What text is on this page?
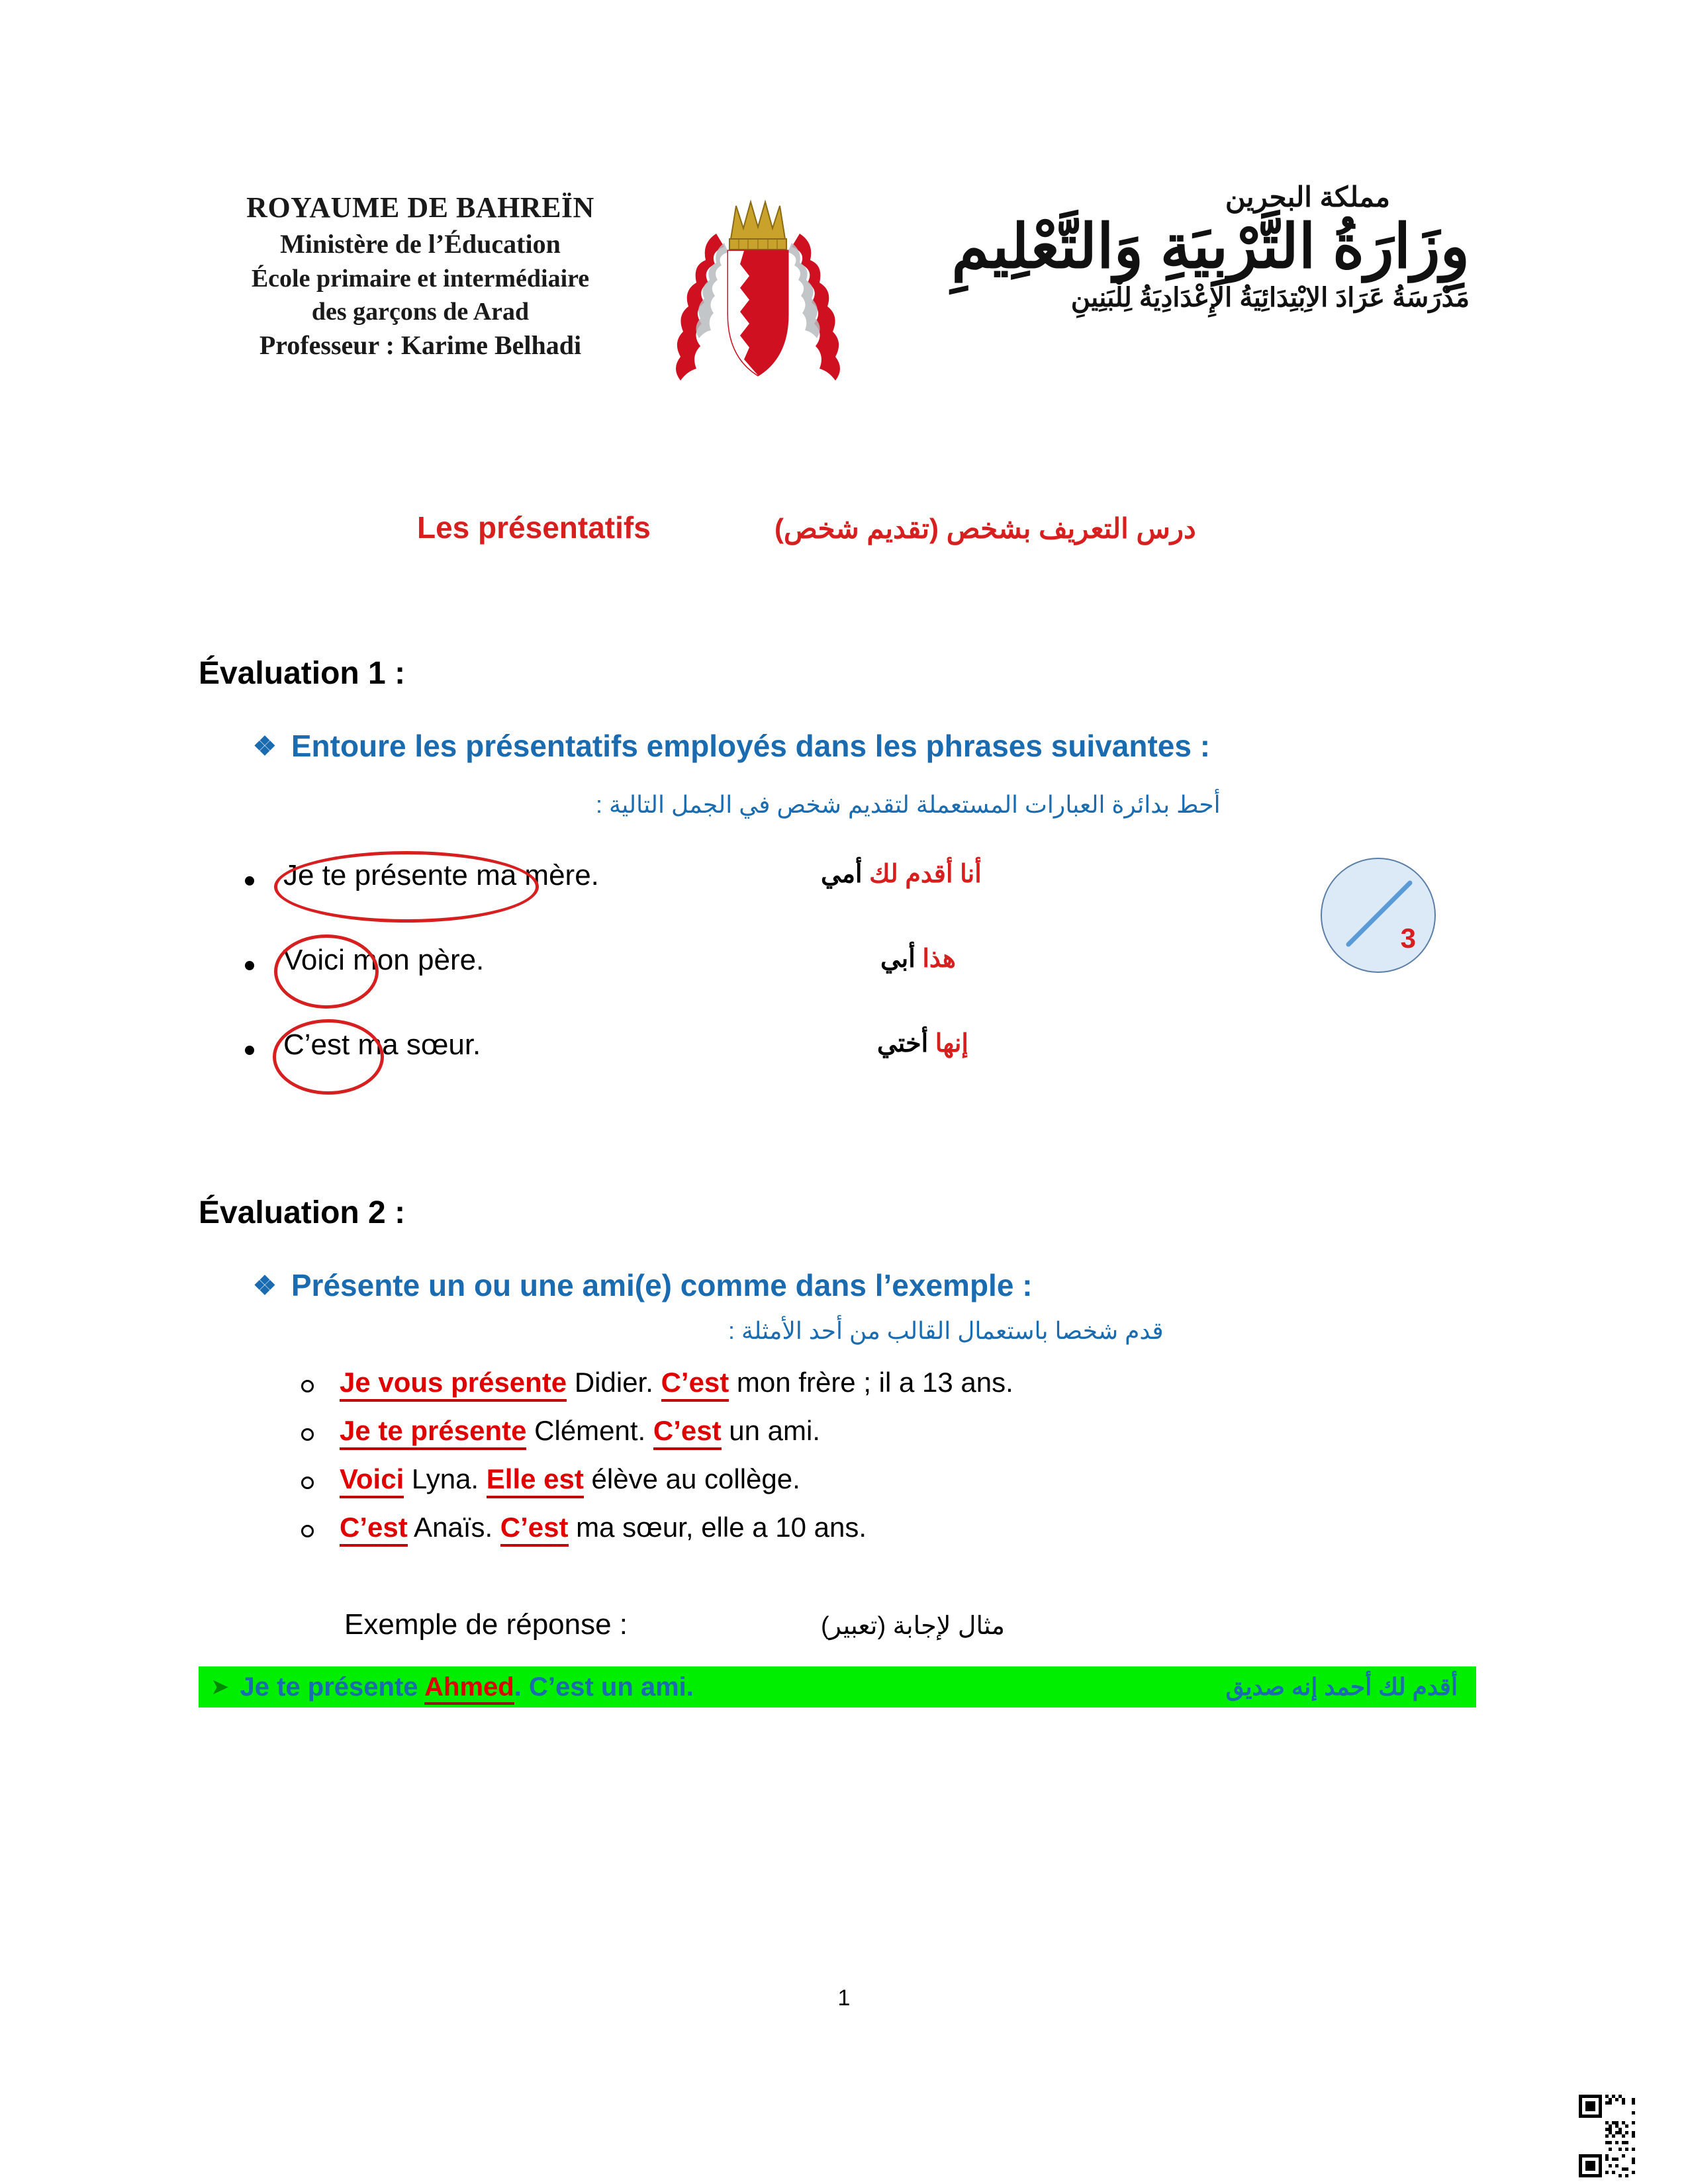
ROYAUME DE BAHREÏN
Ministère de l’Éducation
École primaire et intermédiaire
des garçons de Arad
Professeur : Karime Belhadi
مملكة البحرين
وِزَارَةُ التَّرْبِيَةِ وَالتَّعْلِيمِ
مَدْرَسَةُ عَرَادَ الاِبْتِدَائِيَةُ الإِعْدَادِيَةُ لِلْبَنِينِ
Les présentatifs	درس التعريف بشخص (تقديم شخص)
Évaluation 1 :
❖ Entoure les présentatifs employés dans les phrases suivantes :
أحط بدائرة العبارات المستعملة لتقديم شخص في الجمل التالية :
Je te présente ma mère.	أنا أقدم لك أمي
Voici mon père.	هذا أبي
C’est ma sœur.	إنها أختي
3
Évaluation 2 :
❖ Présente un ou une ami(e) comme dans l’exemple :
قدم شخصا باستعمال القالب من أحد الأمثلة :
Je vous présente Didier. C’est mon frère ; il a 13 ans.
Je te présente Clément. C’est un ami.
Voici Lyna. Elle est élève au collège.
C’est Anaïs. C’est ma sœur, elle a 10 ans.
Exemple de réponse :	مثال لإجابة (تعبير)
➤ Je te présente Ahmed. C’est un ami.	أقدم لك أحمد إنه صديق
1
